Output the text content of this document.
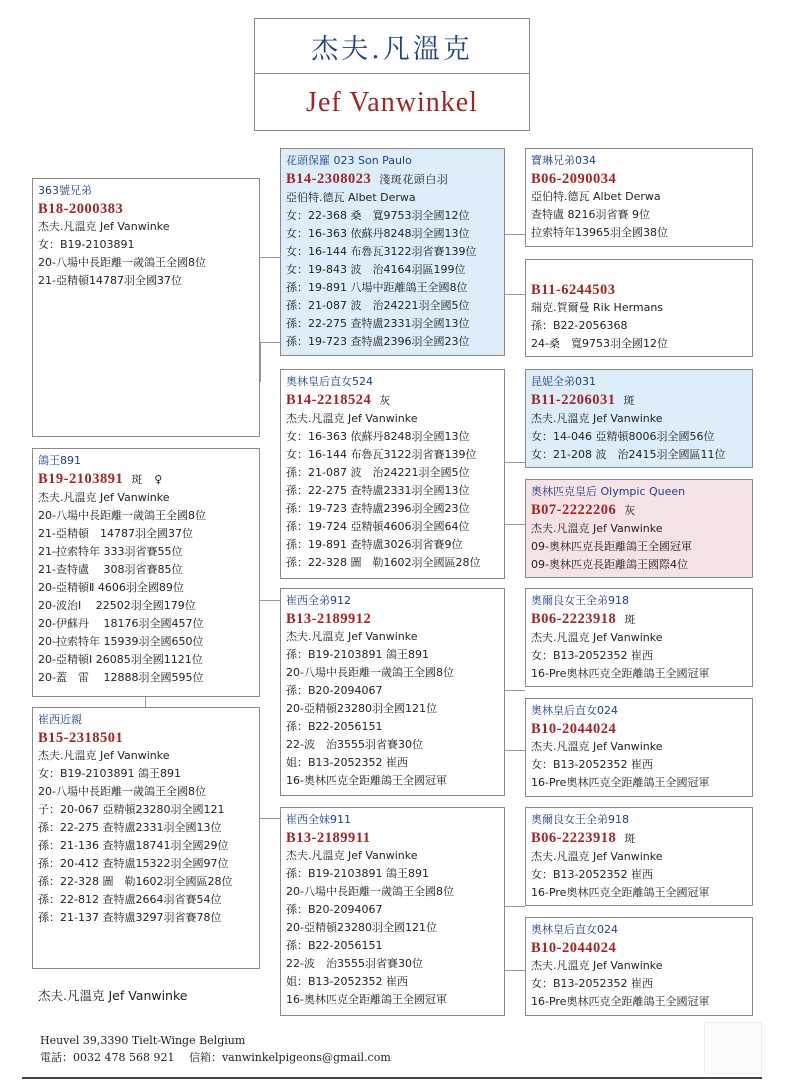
杰夫.凡溫克
Jef Vanwinkel
363號兄弟
B18-2000383
杰夫.凡溫克 Jef Vanwinke
女：B19-2103891
20-八場中長距離一歲鴿王全國8位
21-亞精頓14787羽全國37位
鴿王891
B19-2103891 斑　♀
杰夫.凡溫克 Jef Vanwinke
20-八場中長距離一歲鴿王全國8位
21-亞精頓　14787羽全國37位
21-拉索特年 333羽省賽55位
21-查特盧　 308羽省賽85位
20-亞精頓Ⅱ 4606羽全國89位
20-波治Ⅰ　 22502羽全國179位
20-伊蘇丹　 18176羽全國457位
20-拉索特年 15939羽全國650位
20-亞精頓Ⅰ 26085羽全國1121位
20-蓋　雷　 12888羽全國595位
崔西近親
B15-2318501
杰夫.凡溫克 Jef Vanwinke
女：B19-2103891 鴿王891
20-八場中長距離一歲鴿王全國8位
子：20-067 亞精頓23280羽全國121
孫：22-275 查特盧2331羽全國13位
孫：21-136 查特盧18741羽全國29位
孫：20-412 查特盧15322羽全國97位
孫：22-328 圖　勒1602羽全國區28位
孫：22-812 查特盧2664羽省賽54位
孫：21-137 查特盧3297羽省賽78位
花頭保羅 023 Son Paulo
B14-2308023 淺斑花頭白羽
亞伯特.德瓦 Albet Derwa
女：22-368 桑　寬9753羽全國12位
女：16-363 依蘇丹8248羽全國13位
女：16-144 布魯瓦3122羽省賽139位
女：19-843 波　治4164羽區199位
孫：19-891 八場中距離鴿王全國8位
孫：21-087 波　治24221羽全國5位
孫：22-275 查特盧2331羽全國13位
孫：19-723 查特盧2396羽全國23位
奧林皇后直女524
B14-2218524 灰
杰夫.凡溫克 Jef Vanwinke
女：16-363 依蘇丹8248羽全國13位
女：16-144 布魯瓦3122羽省賽139位
孫：21-087 波　治24221羽全國5位
孫：22-275 查特盧2331羽全國13位
孫：19-723 查特盧2396羽全國23位
孫：19-724 亞精頓4606羽全國64位
孫：19-891 查特盧3026羽省賽9位
孫：22-328 圖　勒1602羽全國區28位
崔西全弟912
B13-2189912
杰夫.凡溫克 Jef Vanwinke
孫：B19-2103891 鴿王891
20-八場中長距離一歲鴿王全國8位
孫：B20-2094067
20-亞精頓23280羽全國121位
孫：B22-2056151
22-波　治3555羽省賽30位
姐：B13-2052352 崔西
16-奧林匹克全距離鴿王全國冠軍
崔西全妹911
B13-2189911
杰夫.凡溫克 Jef Vanwinke
孫：B19-2103891 鴿王891
20-八場中長距離一歲鴿王全國8位
孫：B20-2094067
20-亞精頓23280羽全國121位
孫：B22-2056151
22-波　治3555羽省賽30位
姐：B13-2052352 崔西
16-奧林匹克全距離鴿王全國冠軍
寶琳兄弟034
B06-2090034
亞伯特.德瓦 Albet Derwa
查特盧 8216羽省賽 9位
拉索特年13965羽全國38位
B11-6244503
瑞克.賀爾曼 Rik Hermans
孫：B22-2056368
24-桑　寬9753羽全國12位
昆妮全弟031
B11-2206031 斑
杰夫.凡溫克 Jef Vanwinke
女：14-046 亞精頓8006羽全國56位
女：21-208 波　治2415羽全國區11位
奧林匹克皇后 Olympic Queen
B07-2222206 灰
杰夫.凡溫克 Jef Vanwinke
09-奧林匹克長距離鴿王全國冠軍
09-奧林匹克長距離鴿王國際4位
奧爾良女王全弟918
B06-2223918 斑
杰夫.凡溫克 Jef Vanwinke
女：B13-2052352 崔西
16-Pre奧林匹克全距離鴿王全國冠軍
奧林皇后直女024
B10-2044024
杰夫.凡溫克 Jef Vanwinke
女：B13-2052352 崔西
16-Pre奧林匹克全距離鴿王全國冠軍
奧爾良女王全弟918
B06-2223918 斑
杰夫.凡溫克 Jef Vanwinke
女：B13-2052352 崔西
16-Pre奧林匹克全距離鴿王全國冠軍
奧林皇后直女024
B10-2044024
杰夫.凡溫克 Jef Vanwinke
女：B13-2052352 崔西
16-Pre奧林匹克全距離鴿王全國冠軍
杰夫.凡溫克 Jef Vanwinke
Heuvel 39,3390 Tielt-Winge Belgium
電話：0032 478 568 921　 信箱：vanwinkelpigeons@gmail.com
